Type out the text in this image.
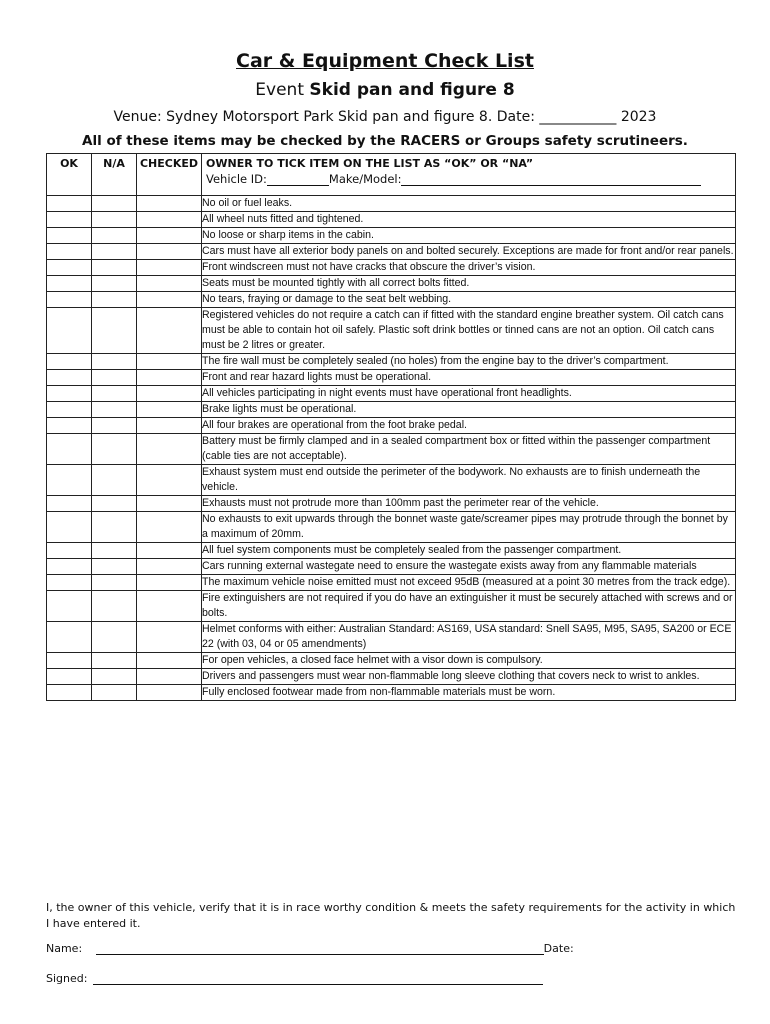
Car & Equipment Check List
Event Skid pan and figure 8
Venue: Sydney Motorsport Park Skid pan and figure 8. Date: ___________ 2023
All of these items may be checked by the RACERS or Groups safety scrutineers.
OK	N/A	CHECKED	OWNER TO TICK ITEM ON THE LIST AS “OK” OR “NA”
Vehicle ID: Make/Model:

			No oil or fuel leaks.
			All wheel nuts fitted and tightened.
			No loose or sharp items in the cabin.
			Cars must have all exterior body panels on and bolted securely. Exceptions are made for front and/or rear panels.
			Front windscreen must not have cracks that obscure the driver’s vision.
			Seats must be mounted tightly with all correct bolts fitted.
			No tears, fraying or damage to the seat belt webbing.
			Registered vehicles do not require a catch can if fitted with the standard engine breather system. Oil catch cans must be able to contain hot oil safely. Plastic soft drink bottles or tinned cans are not an option. Oil catch cans must be 2 litres or greater.
			The fire wall must be completely sealed (no holes) from the engine bay to the driver’s compartment.
			Front and rear hazard lights must be operational.
			All vehicles participating in night events must have operational front headlights.
			Brake lights must be operational.
			All four brakes are operational from the foot brake pedal.
			Battery must be firmly clamped and in a sealed compartment box or fitted within the passenger compartment (cable ties are not acceptable).
			Exhaust system must end outside the perimeter of the bodywork. No exhausts are to finish underneath the vehicle.
			Exhausts must not protrude more than 100mm past the perimeter rear of the vehicle.
			No exhausts to exit upwards through the bonnet waste gate/screamer pipes may protrude through the bonnet by a maximum of 20mm.
			All fuel system components must be completely sealed from the passenger compartment.
			Cars running external wastegate need to ensure the wastegate exists away from any flammable materials
			The maximum vehicle noise emitted must not exceed 95dB (measured at a point 30 metres from the track edge).
			Fire extinguishers are not required if you do have an extinguisher it must be securely attached with screws and or bolts.
			Helmet conforms with either: Australian Standard: AS169, USA standard: Snell SA95, M95, SA95, SA200 or ECE 22 (with 03, 04 or 05 amendments)
			For open vehicles, a closed face helmet with a visor down is compulsory.
			Drivers and passengers must wear non-flammable long sleeve clothing that covers neck to wrist to ankles.
			Fully enclosed footwear made from non-flammable materials must be worn.
I, the owner of this vehicle, verify that it is in race worthy condition & meets the safety requirements for the activity in which I have entered it.
Name:	Date:
Signed:
